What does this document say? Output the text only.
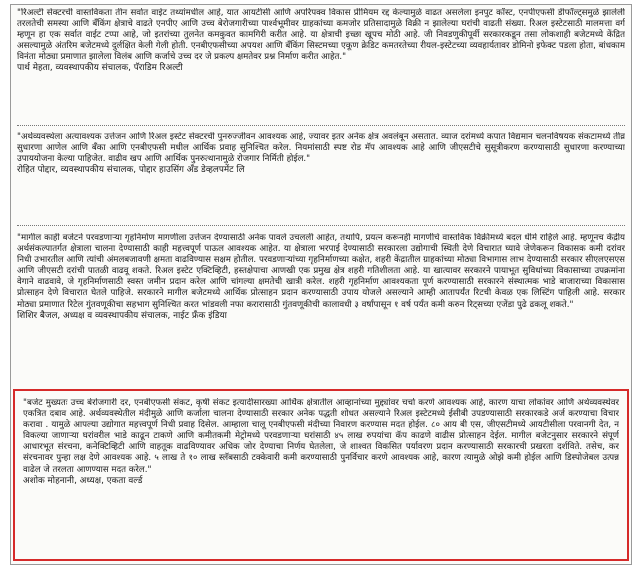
"रिअल्टी सेक्टरची वास्तविकता तीन सर्वात वाईट तथ्यांमधील आहे, यात आयटीसी आणि अपरिपक्व विकास प्रीमियम रद्द केल्यामुळे वाढत असलेला इनपुट कॉस्ट, एनपीएफसी डीफॉल्ट्समुळे झालेली तरलतेची समस्या आणि बँकिंग क्षेत्राचे वाढते एनपीए आणि उच्च बेरोजगारीच्या पार्श्वभूमीवर ग्राहकांच्या कमजोर प्रतिसादामुळे विक्री न झालेल्या घरांची वाढती संख्या. रिअल इस्टेटसाठी मालमत्ता वर्ग म्हणून हा एक सर्वात वाईट टप्पा आहे, जो इतरांच्या तुलनेत कमकुवत कामगिरी करीत आहे. या क्षेत्राची इच्छा खूपच मोठी आहे. जी निवडणुकीपूर्वी सरकारकडून तसा लोकशाही बजेटमध्ये केंद्रित असल्यामुळे अंतरिम बजेटमध्ये दुर्लक्षित केली गेली होती. एनबीएफसीच्या अपयश आणि बँकिंग सिस्टमच्या एकूण क्रेडिट कमतरतेच्या रीयल-इस्टेटच्या व्यवहार्यतावर डोमिनो इफेक्ट पडला होता, बांधकाम विनंता मोठ्या प्रमाणात झालेला विलंब आणि कर्जाचे उच्च दर जे प्रकल्प क्षमतेवर प्रश्न निर्माण करीत आहेत."

पार्थ मेहता, व्यवस्थापकीय संचालक, पॅराडिम रिअल्टी

"अर्थव्यवस्थेला अत्यावश्यक उत्तेजन आणि रिअल इस्टेट सेक्टरची पुनरुज्जीवन आवश्यक आहे, ज्यावर इतर अनेक क्षेत्र अवलंबून असतात. व्याज दरांमध्ये कपात विद्यमान चलनविषयक संकटामध्ये तीव्र सुधारणा आणेल आणि बँका आणि एनबीएफसी मधील आर्थिक प्रवाह सुनिश्चित करेल. नियमांसाठी स्पष्ट रोड मॅप आवश्यक आहे आणि जीएसटीचे सुसूत्रीकरण करण्यासाठी सुधारणा करण्याच्या उपाययोजना केल्या पाहिजेत. वाढीव खप आणि आर्थिक पुनरुत्थानामुळे रोजगार निर्मिती होईल."

रोहित पोद्दार, व्यवस्थापकीय संचालक, पोद्दार हाउसिंग अँड डेव्हलपमेंट लि

"मागील काही बजेटने परवडणाऱ्या गृहनिर्माण मागणीला उत्तेजन देण्यासाठी अनेक पावले उचलली आहेत, तथापि, प्रयत्न करूनही मागणीचे वास्तविक विक्रीमध्ये बदल धीमे राहिले आहे. म्हणूनच केंद्रीय अर्थसंकल्पातर्गत क्षेत्राला चालना देण्यासाठी काही महत्त्वपूर्ण पाऊल आवश्यक आहेत. या क्षेत्राला भरपाई देण्यासाठी सरकारला उद्योगाची स्थिती देणे विचारात घ्यावे जेणेकरून विकासक कमी दरांवर निधी उभारतील आणि त्यांची अंमलबजावणी क्षमता वाढविण्यास सक्षम होतील. परवडणाऱ्यांच्या गृहनिर्माणच्या कक्षेत, शहरी केंद्रातील ग्राहकांच्या मोठ्या विभागास लाभ देण्यासाठी सरकार सीएलएसएस आणि जीएसटी दरांची पातळी वाढवू शकते. रिअल इस्टेट एक्टिव्हिटी, हस्तक्षेपाचा आणखी एक प्रमुख क्षेत्र शहरी गतिशीलता आहे. या खात्यावर सरकारने पायाभूत सुविधांच्या विकासाच्या उपक्रमांना वेगाने वाढवावे, जे गृहनिर्माणसाठी स्वस्त जमीन प्रदान करेल आणि चांगल्या क्षमतेची खात्री करेल. शहरी गृहनिर्माण आवश्यकता पूर्ण करण्यासाठी सरकारने संस्थात्मक भाडे बाजाराच्या विकासास प्रोत्साहन देणे विचारात घेतले पाहिजे. सरकारने मागील बजेटमध्ये आर्थिक प्रोत्साहन प्रदान करण्यासाठी उपाय योजले असल्याने आम्ही आतापर्यंत रिटची केवळ एक लिस्टिंग पाहिली आहे. सरकार मोठ्या प्रमाणात रिटेल गुंतवणूकीचा सहभाग सुनिश्चित करत भांडवली नफा करारासाठी गुंतवणूकीची कालावधी ३ वर्षांपासून १ वर्ष पर्यंत कमी करुन रिट्सच्या एजेंडा पुढे ढकलू शकते."

शिशिर बैजल, अध्यक्ष व व्यवस्थापकीय संचालक, नाईट फ्रँक इंडिया

"बजेट मुख्यतः उच्च बेरोजगारी दर, एनबीएफसी संकट, कृषी संकट इत्यादीसारख्या आर्थिक क्षेत्रातील आव्हानांच्या मुद्द्यांवर चर्चा करणे आवश्यक आहे, कारण याचा लोकांवर आणि अर्थव्यवस्थेवर एकत्रित दबाव आहे. अर्थव्यवस्थेतील मंदीमुळे आणि कर्जाला चालना देण्यासाठी सरकार अनेक पद्धती शोधत असल्याने रिअल इस्टेटमध्ये ईसीबी उपडण्यासाठी सरकारकडे अर्ज करण्याचा विचार करावा . यामुळे आपल्या उद्योगात महत्त्वपूर्ण निधी प्रवाह दिसेल. आम्हाला चालू एनबीएफसी मंदीच्या निवारण करण्यास मदत होईल. ८० आय बी एस, जीएसटीमध्ये आयटीसीला परवानगी देत, न विकल्या जाणाऱ्या घरांवरील भाडे काढून टाकणे आणि कमीतकमी मेट्रोमध्ये परवडणाऱ्या घरांसाठी ४५ लाख रुपयांचा कॅप काढणे वाढीस प्रोत्साहन देईल. मागील बजेटनुसार सरकारने संपूर्ण आधारभूत संरचना, कनेक्टिव्हिटी आणि वाहतूक वाढविण्यावर अधिक जोर देण्याचा निर्णय घेतलेला, जे शाश्वत विकसित पर्यावरण प्रदान करण्यासाठी सरकारची प्रखरता दर्शविते. तसेच, कर संरचनावर पुन्हा लक्ष देणे आवश्यक आहे. ५ लाख ते १० लाख स्लॅबसाठी टक्केवारी कमी करण्यासाठी पुनर्विचार करणे आवश्यक आहे, कारण त्यामुळे ओझे कमी होईल आणि डिस्पोजेबल उत्पन्न वाढेल जे तरलता आणण्यास मदत करेल."

अशोक मोहनानी, अध्यक्ष, एकता वर्ल्ड
